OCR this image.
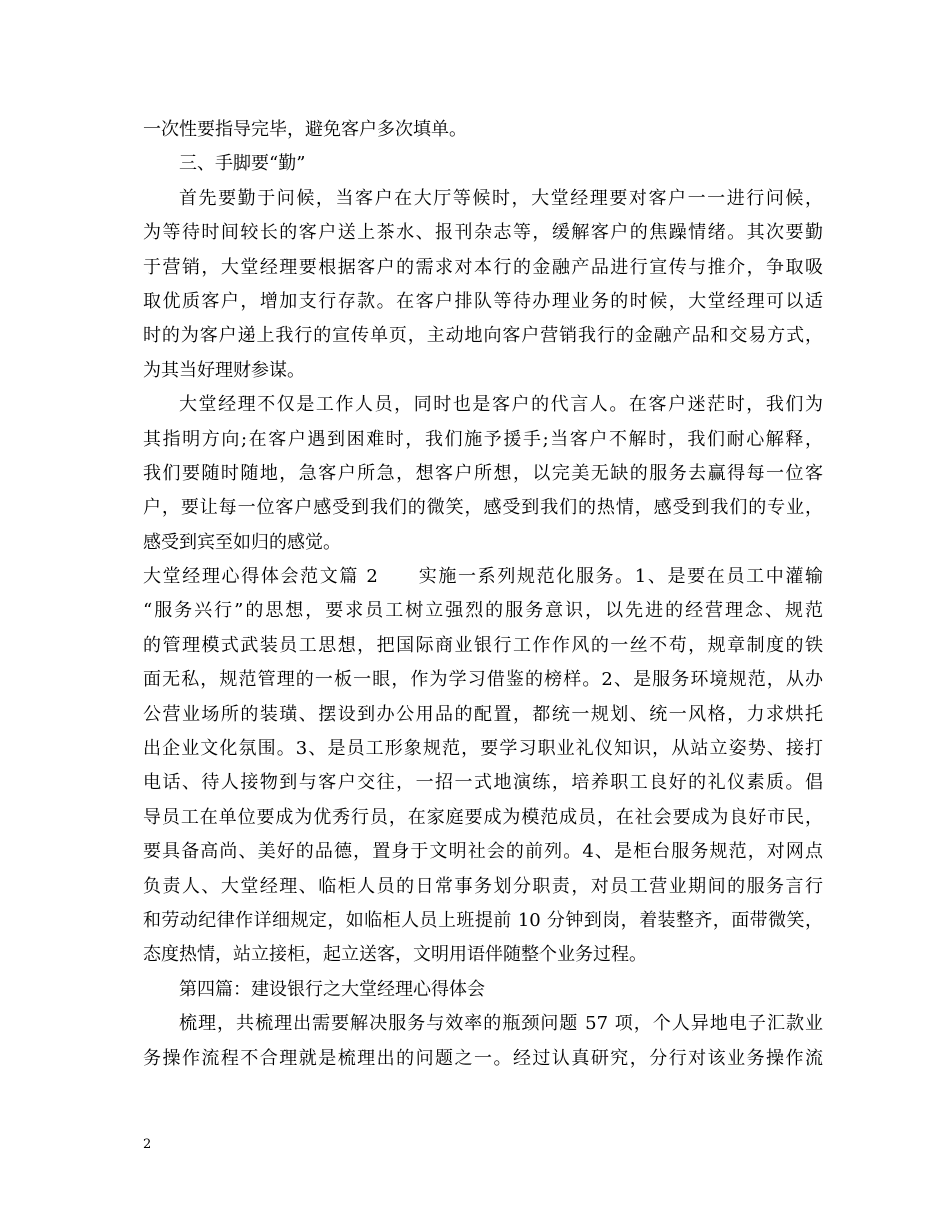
一次性要指导完毕，避免客户多次填单。
三、手脚要“勤”
首先要勤于问候，当客户在大厅等候时，大堂经理要对客户一一进行问候，
为等待时间较长的客户送上茶水、报刊杂志等，缓解客户的焦躁情绪。其次要勤
于营销，大堂经理要根据客户的需求对本行的金融产品进行宣传与推介，争取吸
取优质客户，增加支行存款。在客户排队等待办理业务的时候，大堂经理可以适
时的为客户递上我行的宣传单页，主动地向客户营销我行的金融产品和交易方式，
为其当好理财参谋。
大堂经理不仅是工作人员，同时也是客户的代言人。在客户迷茫时，我们为
其指明方向;在客户遇到困难时，我们施予援手;当客户不解时，我们耐心解释，
我们要随时随地，急客户所急，想客户所想，以完美无缺的服务去赢得每一位客
户，要让每一位客户感受到我们的微笑，感受到我们的热情，感受到我们的专业，
感受到宾至如归的感觉。
大堂经理心得体会范文篇 2　　实施一系列规范化服务。1、是要在员工中灌输
“服务兴行”的思想，要求员工树立强烈的服务意识，以先进的经营理念、规范
的管理模式武装员工思想，把国际商业银行工作作风的一丝不苟，规章制度的铁
面无私，规范管理的一板一眼，作为学习借鉴的榜样。2、是服务环境规范，从办
公营业场所的装璜、摆设到办公用品的配置，都统一规划、统一风格，力求烘托
出企业文化氛围。3、是员工形象规范，要学习职业礼仪知识，从站立姿势、接打
电话、待人接物到与客户交往，一招一式地演练，培养职工良好的礼仪素质。倡
导员工在单位要成为优秀行员，在家庭要成为模范成员，在社会要成为良好市民，
要具备高尚、美好的品德，置身于文明社会的前列。4、是柜台服务规范，对网点
负责人、大堂经理、临柜人员的日常事务划分职责，对员工营业期间的服务言行
和劳动纪律作详细规定，如临柜人员上班提前 10 分钟到岗，着装整齐，面带微笑，
态度热情，站立接柜，起立送客，文明用语伴随整个业务过程。
第四篇：建设银行之大堂经理心得体会
梳理，共梳理出需要解决服务与效率的瓶颈问题 57 项，个人异地电子汇款业
务操作流程不合理就是梳理出的问题之一。经过认真研究，分行对该业务操作流
2
